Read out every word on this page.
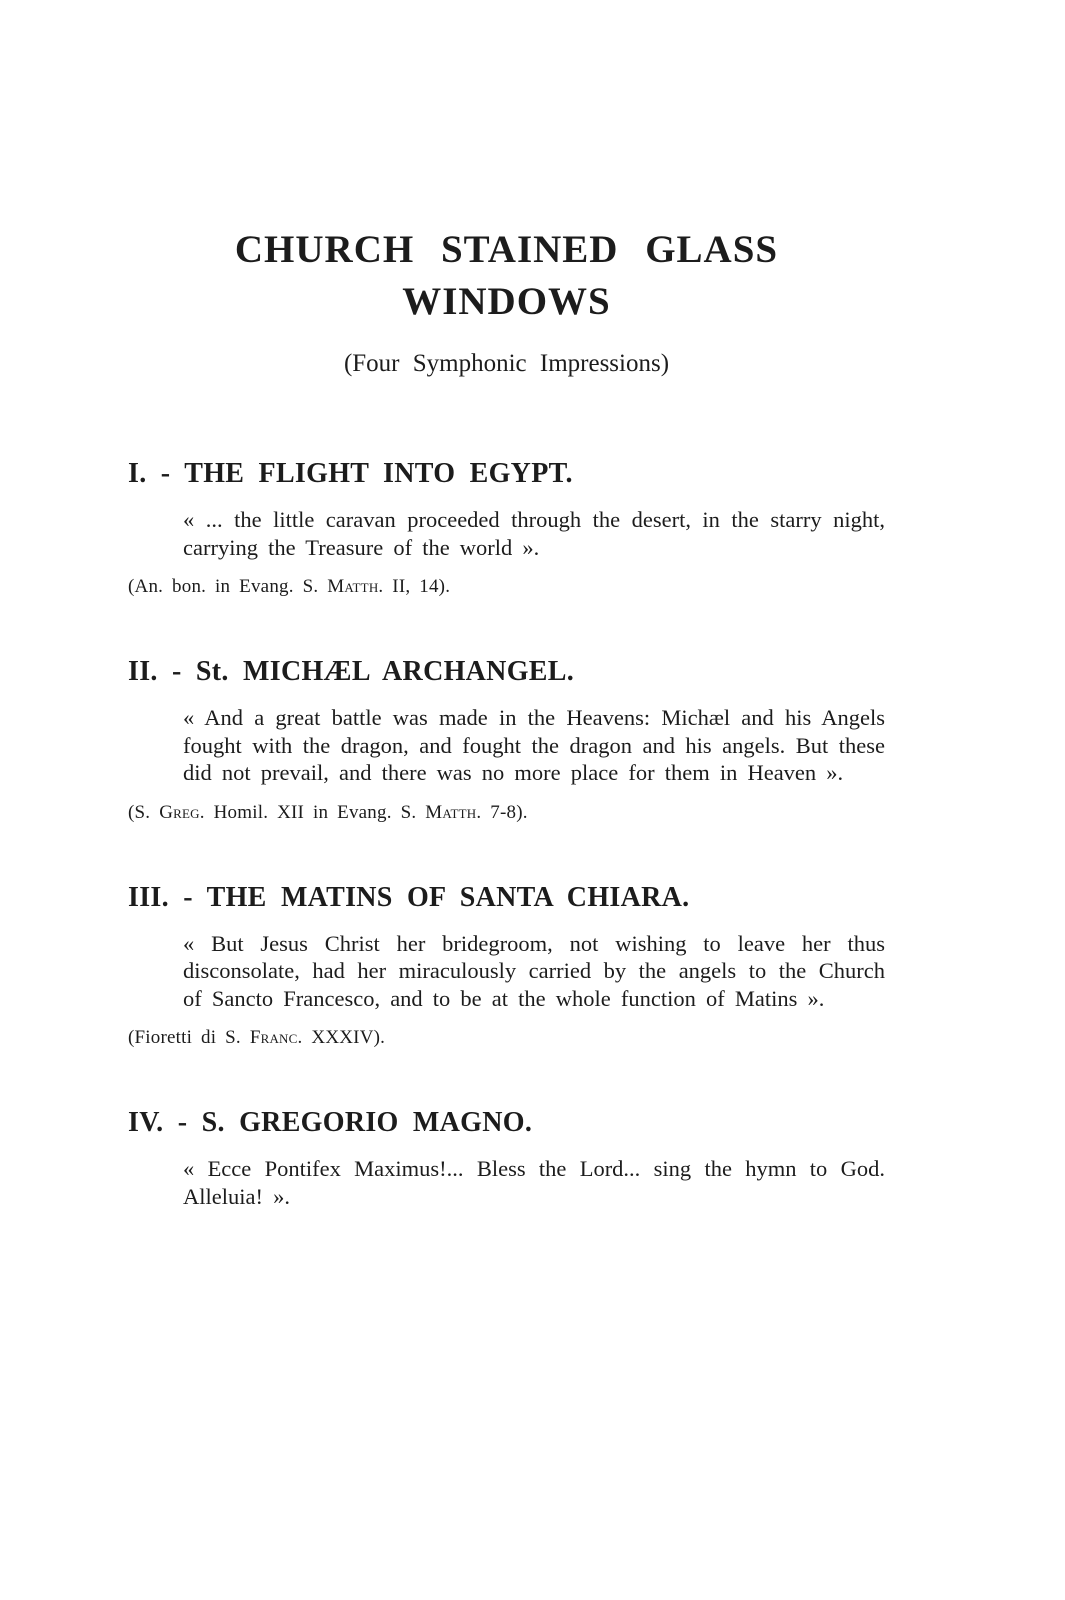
CHURCH STAINED GLASS
WINDOWS

(Four Symphonic Impressions)

I. - THE FLIGHT INTO EGYPT.

« ... the little caravan proceeded through the desert, in the starry night, carrying the Treasure of the world ».

(An. bon. in Evang. S. Matth. II, 14).

II. - St. MICHÆL ARCHANGEL.

« And a great battle was made in the Heavens: Michæl and his Angels fought with the dragon, and fought the dragon and his angels. But these did not prevail, and there was no more place for them in Heaven ».

(S. Greg. Homil. XII in Evang. S. Matth. 7-8).

III. - THE MATINS OF SANTA CHIARA.

« But Jesus Christ her bridegroom, not wishing to leave her thus disconsolate, had her miraculously carried by the angels to the Church of Sancto Francesco, and to be at the whole function of Matins ».

(Fioretti di S. Franc. XXXIV).

IV. - S. GREGORIO MAGNO.

« Ecce Pontifex Maximus!... Bless the Lord... sing the hymn to God. Alleluia! ».
